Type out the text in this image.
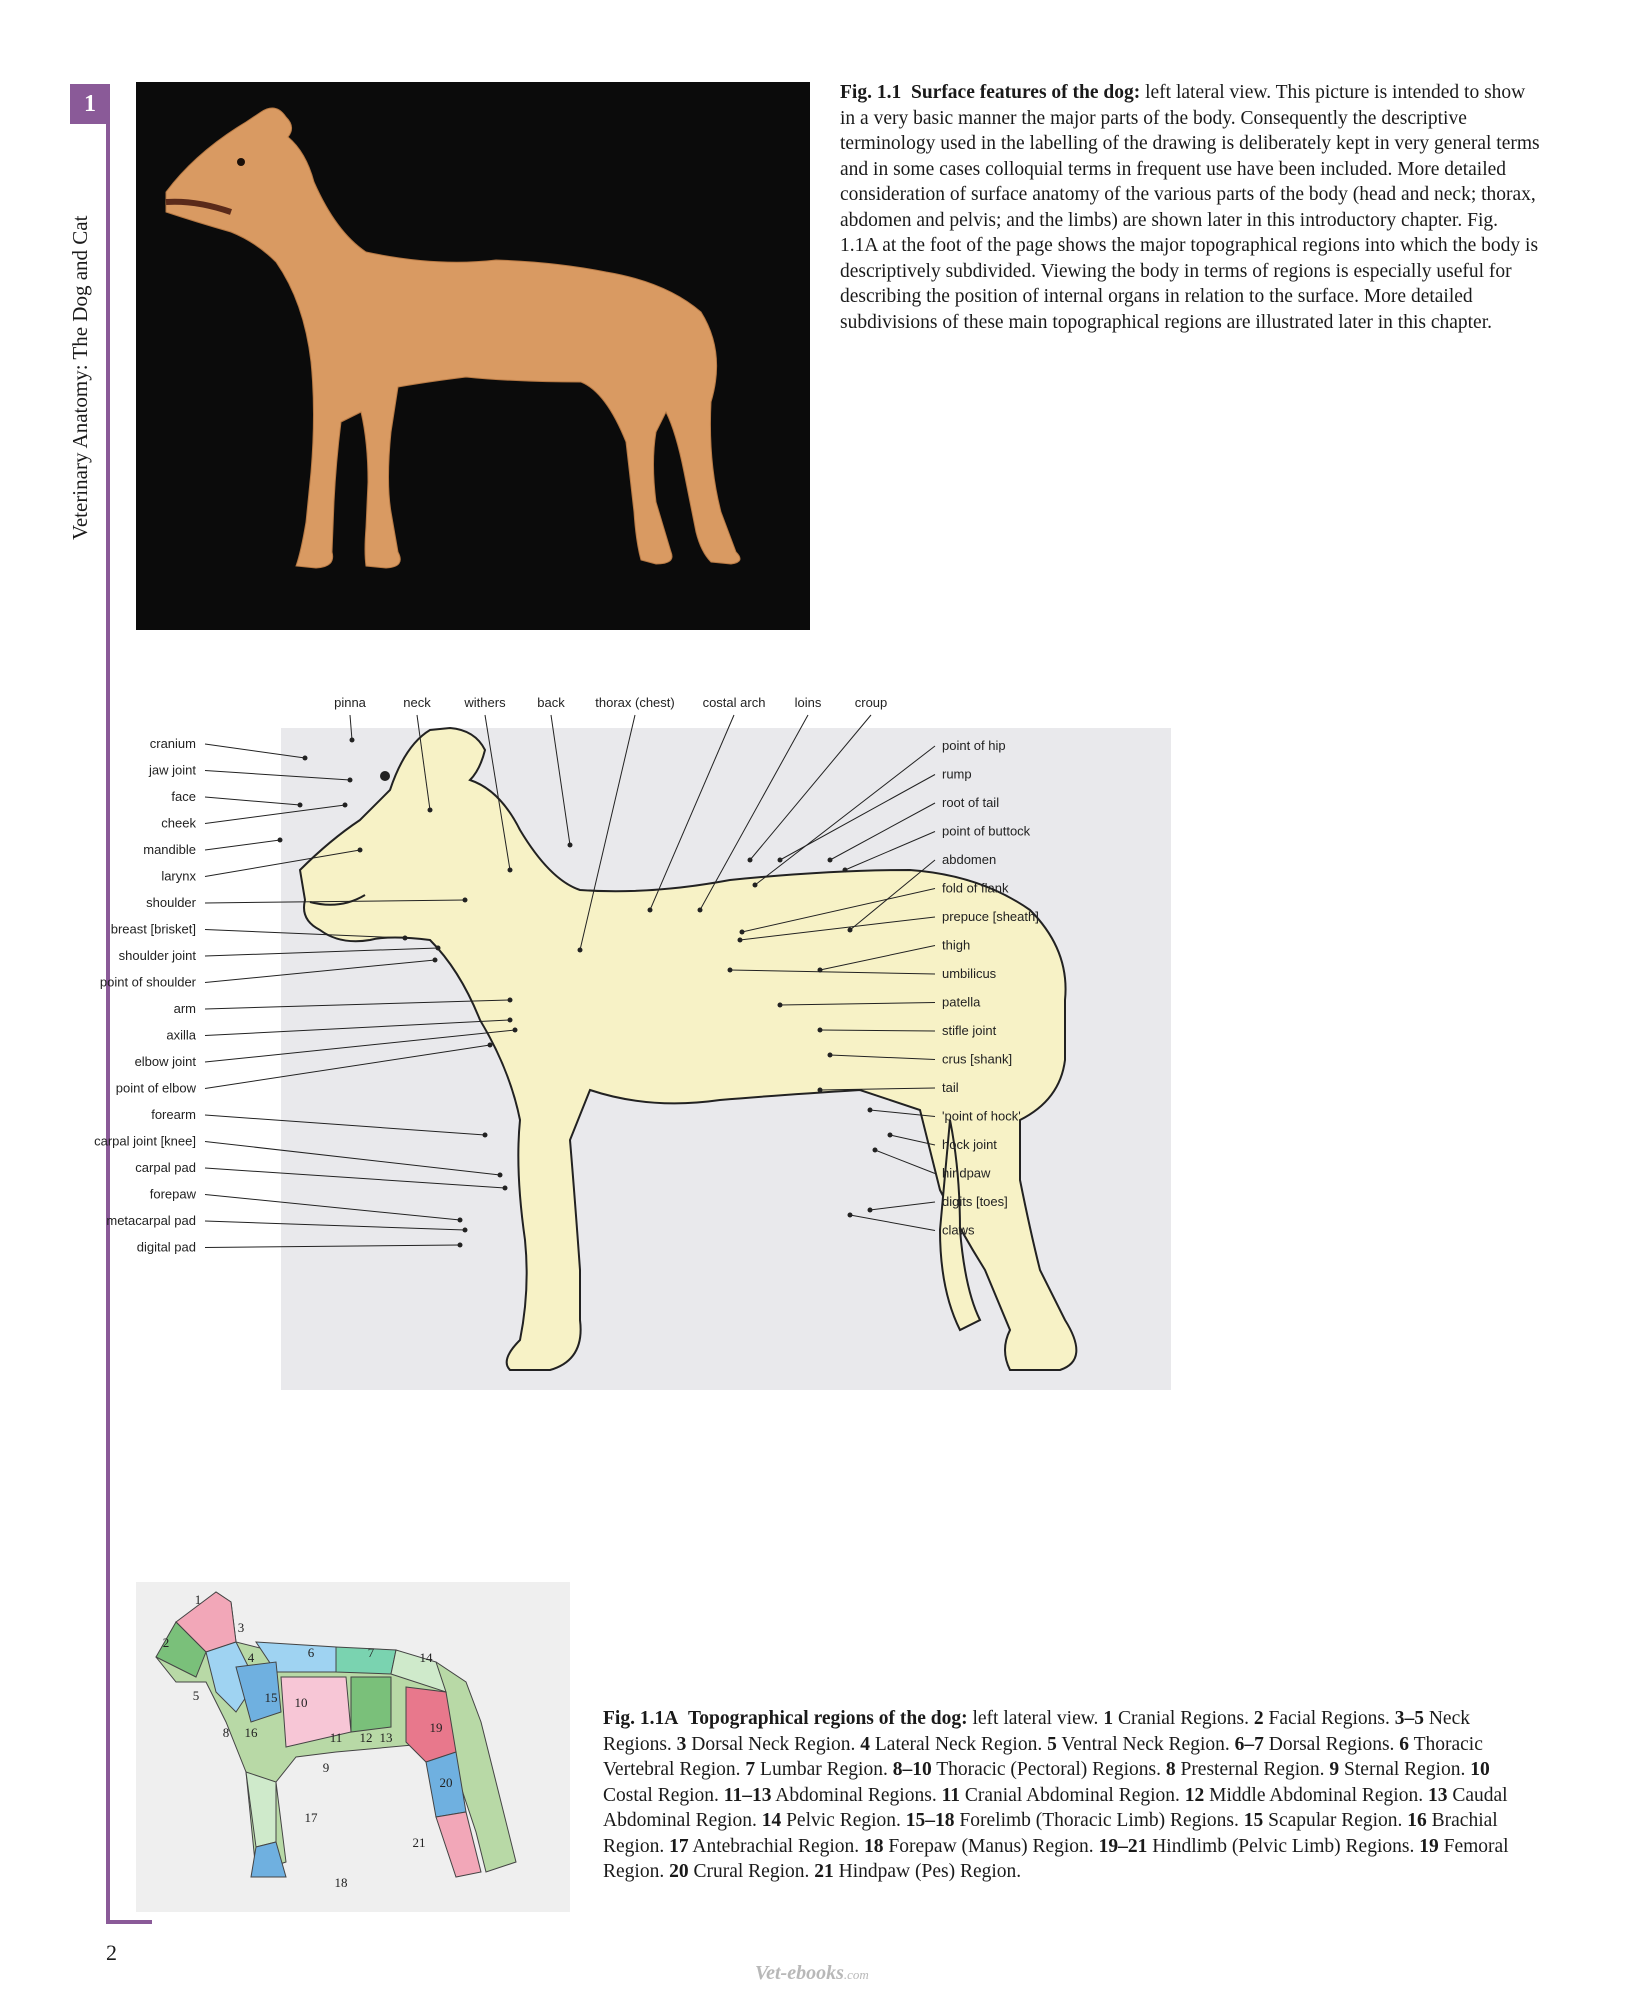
1
Veterinary Anatomy: The Dog and Cat
Fig. 1.1 Surface features of the dog: left lateral view. This picture is intended to show in a very basic manner the major parts of the body. Consequently the descriptive terminology used in the labelling of the drawing is deliberately kept in very general terms and in some cases colloquial terms in frequent use have been included. More detailed consideration of surface anatomy of the various parts of the body (head and neck; thorax, abdomen and pelvis; and the limbs) are shown later in this introductory chapter. Fig. 1.1A at the foot of the page shows the major topographical regions into which the body is descriptively subdivided. Viewing the body in terms of regions is especially useful for describing the position of internal organs in relation to the surface. More detailed subdivisions of these main topographical regions are illustrated later in this chapter.
pinna	neck	withers back thorax (chest) costal arch loins	croup
cranium
jaw joint
face
cheek
mandible
larynx
shoulder
breast [brisket]
shoulder joint
point of shoulder
arm
axilla
elbow joint
point of elbow
forearm
carpal joint [knee]
carpal pad
forepaw
metacarpal pad
digital pad
point of hip
rump
root of tail
point of buttock
abdomen
fold of flank
prepuce [sheath]
thigh
umbilicus
patella
stifle joint
crus [shank]
tail
'point of hock'
hock joint
hindpaw
digits [toes]
claws
1
2
3
4
5
6	7
8
9
10
11 12 13
14
15
16
17
18
19
20
21
Fig. 1.1A Topographical regions of the dog: left lateral view. 1 Cranial Regions. 2 Facial Regions. 3–5 Neck Regions. 3 Dorsal Neck Region. 4 Lateral Neck Region. 5 Ventral Neck Region. 6–7 Dorsal Regions. 6 Thoracic Vertebral Region. 7 Lumbar Region. 8–10 Thoracic (Pectoral) Regions. 8 Presternal Region. 9 Sternal Region. 10 Costal Region. 11–13 Abdominal Regions. 11 Cranial Abdominal Region. 12 Middle Abdominal Region. 13 Caudal Abdominal Region. 14 Pelvic Region. 15–18 Forelimb (Thoracic Limb) Regions. 15 Scapular Region. 16 Brachial Region. 17 Antebrachial Region. 18 Forepaw (Manus) Region. 19–21 Hindlimb (Pelvic Limb) Regions. 19 Femoral Region. 20 Crural Region. 21 Hindpaw (Pes) Region.
2
Vet-ebooks.com
